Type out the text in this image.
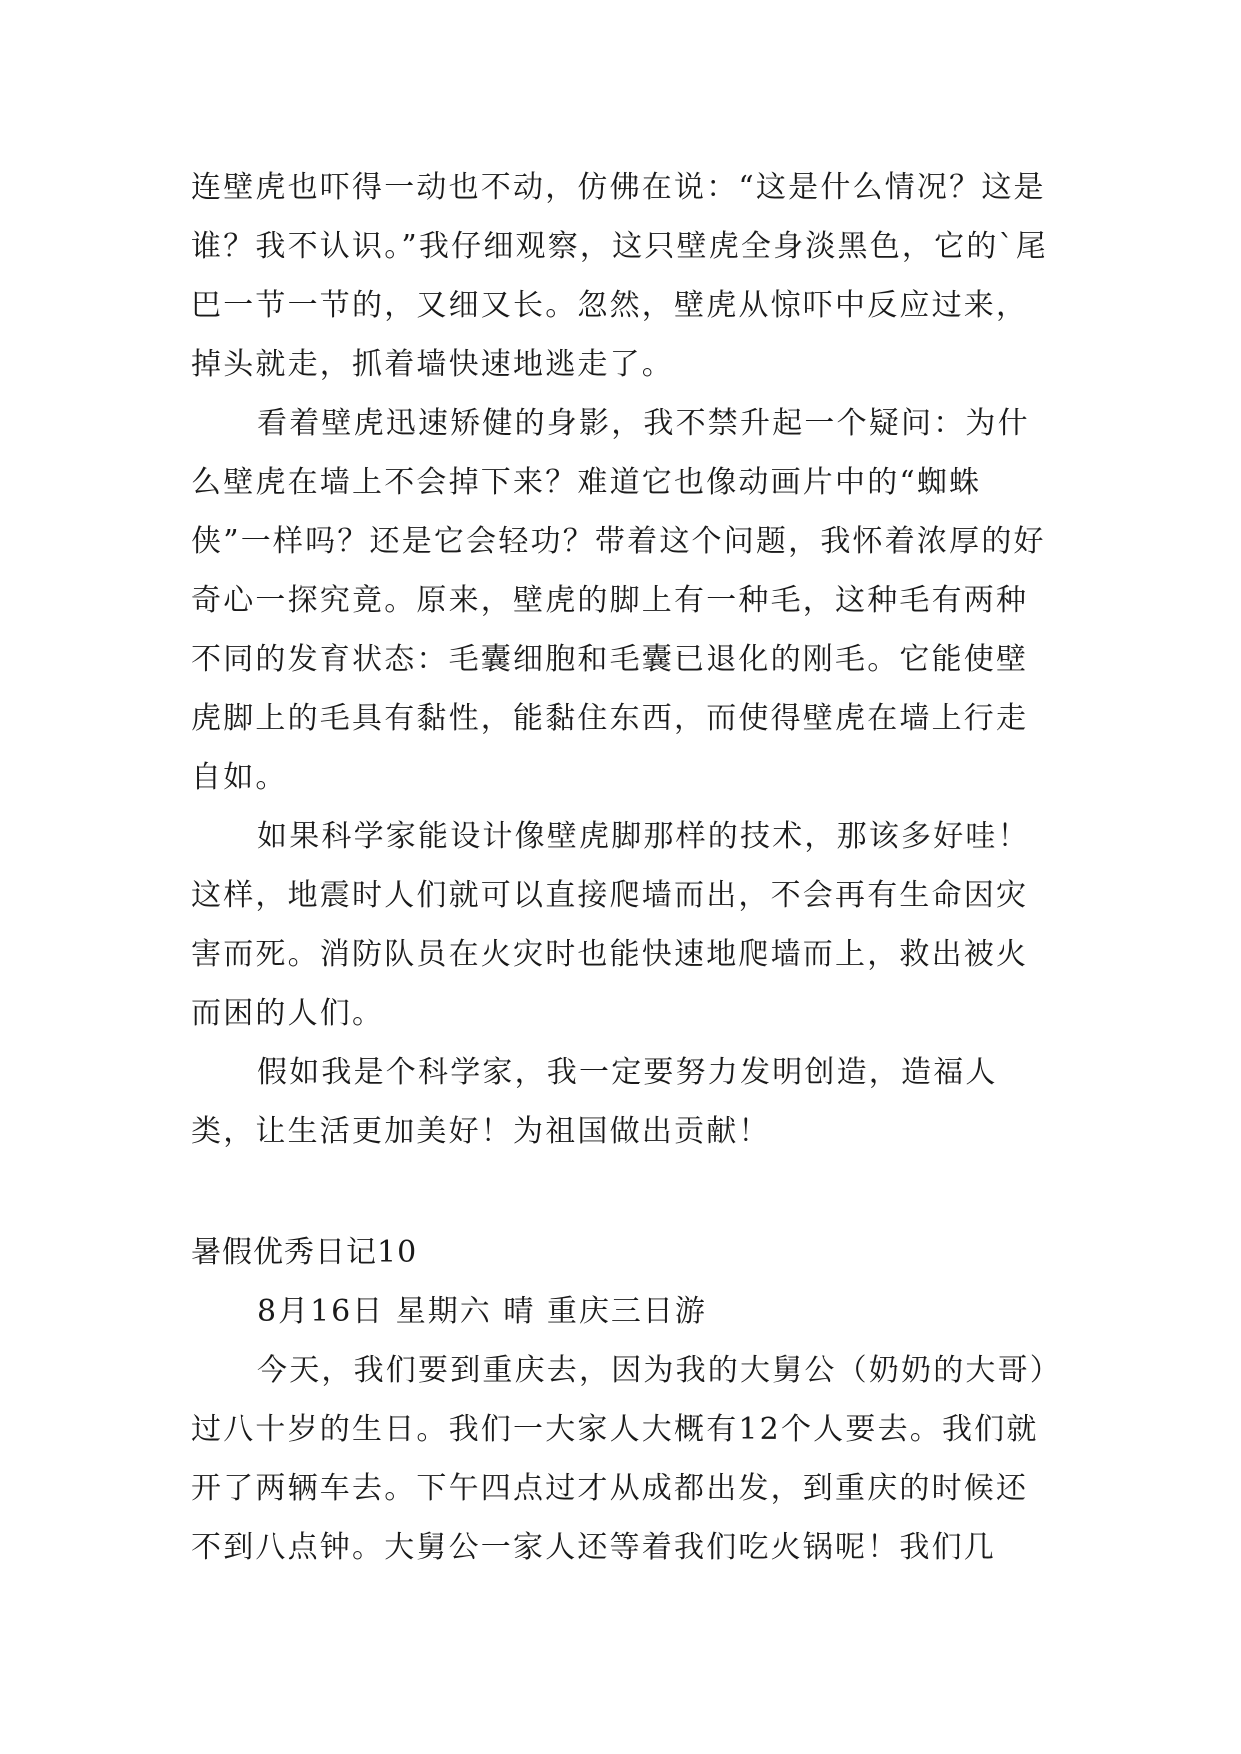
连壁虎也吓得一动也不动，仿佛在说：“这是什么情况？这是谁？我不认识。”我仔细观察，这只壁虎全身淡黑色，它的`尾巴一节一节的，又细又长。忽然，壁虎从惊吓中反应过来，掉头就走，抓着墙快速地逃走了。

看着壁虎迅速矫健的身影，我不禁升起一个疑问：为什么壁虎在墙上不会掉下来？难道它也像动画片中的“蜘蛛侠”一样吗？还是它会轻功？带着这个问题，我怀着浓厚的好奇心一探究竟。原来，壁虎的脚上有一种毛，这种毛有两种不同的发育状态：毛囊细胞和毛囊已退化的刚毛。它能使壁虎脚上的毛具有黏性，能黏住东西，而使得壁虎在墙上行走自如。

如果科学家能设计像壁虎脚那样的技术，那该多好哇！这样，地震时人们就可以直接爬墙而出，不会再有生命因灾害而死。消防队员在火灾时也能快速地爬墙而上，救出被火而困的人们。

假如我是个科学家，我一定要努力发明创造，造福人类，让生活更加美好！为祖国做出贡献！

暑假优秀日记10

8月16日 星期六 晴 重庆三日游

今天，我们要到重庆去，因为我的大舅公（奶奶的大哥）过八十岁的生日。我们一大家人大概有12个人要去。我们就开了两辆车去。下午四点过才从成都出发，到重庆的时候还不到八点钟。大舅公一家人还等着我们吃火锅呢！我们几
